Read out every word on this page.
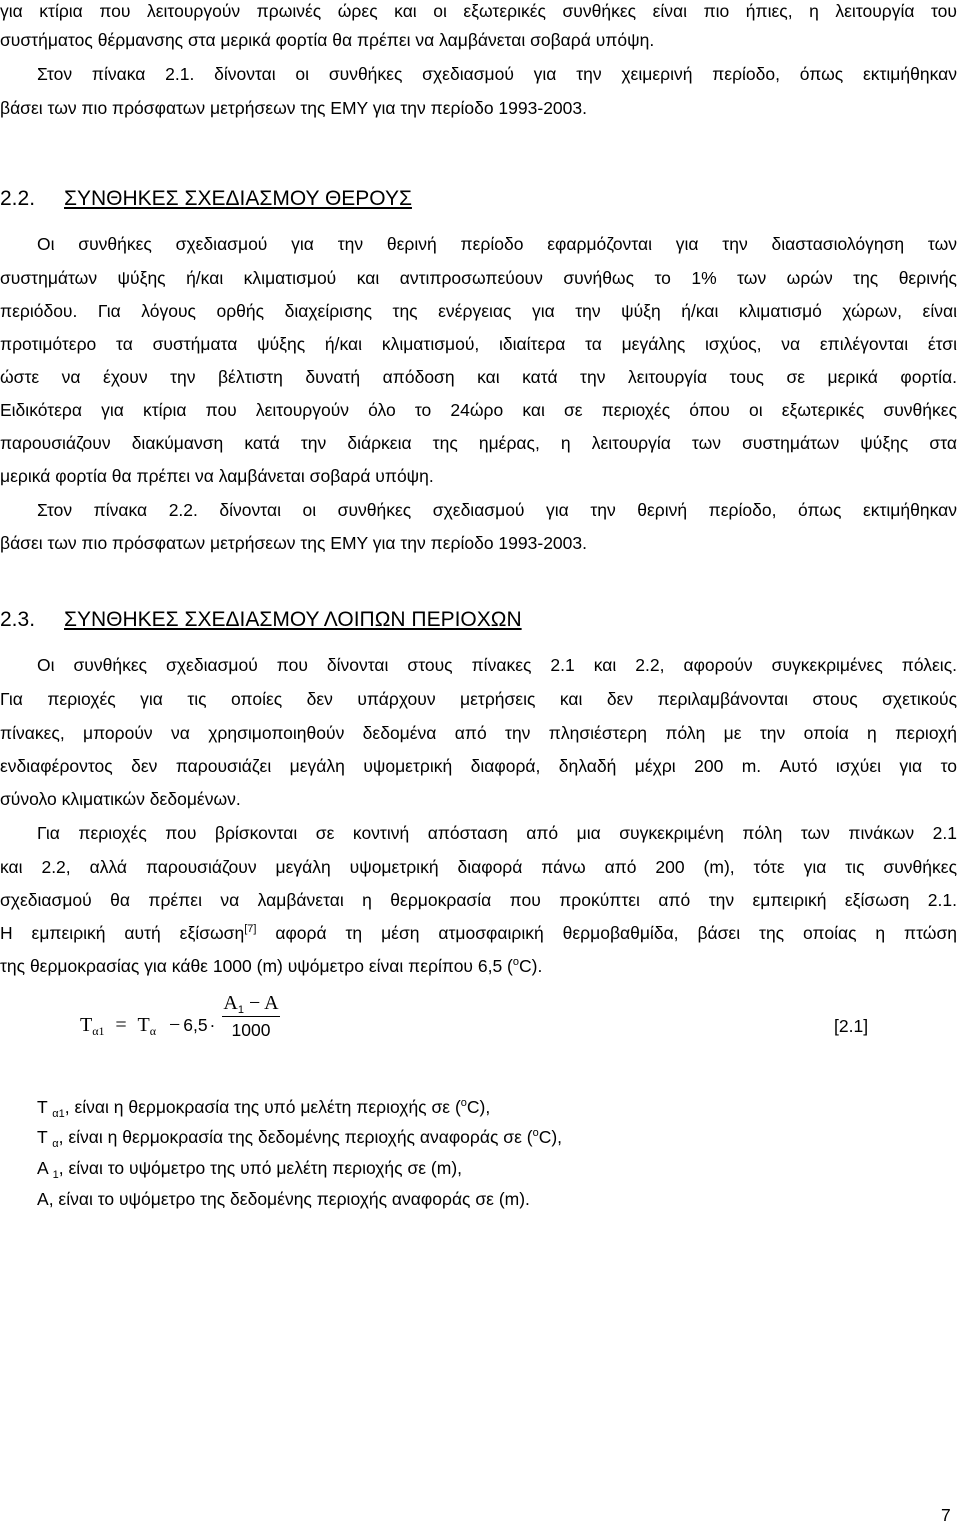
για κτίρια που λειτουργούν πρωινές ώρες και οι εξωτερικές συνθήκες είναι πιο ήπιες, η λειτουργία του
συστήματος θέρμανσης στα μερικά φορτία θα πρέπει να λαμβάνεται σοβαρά υπόψη.
Στον πίνακα 2.1. δίνονται οι συνθήκες σχεδιασμού για την χειμερινή περίοδο, όπως εκτιμήθηκαν
βάσει των πιο πρόσφατων μετρήσεων της ΕΜΥ για την περίοδο 1993-2003.
2.2. ΣΥΝΘΗΚΕΣ ΣΧΕΔΙΑΣΜΟΥ ΘΕΡΟΥΣ
Οι συνθήκες σχεδιασμού για την θερινή περίοδο εφαρμόζονται για την διαστασιολόγηση των
συστημάτων ψύξης ή/και κλιματισμού και αντιπροσωπεύουν συνήθως το 1% των ωρών της θερινής
περιόδου. Για λόγους ορθής διαχείρισης της ενέργειας για την ψύξη ή/και κλιματισμό χώρων, είναι
προτιμότερο τα συστήματα ψύξης ή/και κλιματισμού, ιδιαίτερα τα μεγάλης ισχύος, να επιλέγονται έτσι
ώστε να έχουν την βέλτιστη δυνατή απόδοση και κατά την λειτουργία τους σε μερικά φορτία.
Ειδικότερα για κτίρια που λειτουργούν όλο το 24ώρο και σε περιοχές όπου οι εξωτερικές συνθήκες
παρουσιάζουν διακύμανση κατά την διάρκεια της ημέρας, η λειτουργία των συστημάτων ψύξης στα
μερικά φορτία θα πρέπει να λαμβάνεται σοβαρά υπόψη.
Στον πίνακα 2.2. δίνονται οι συνθήκες σχεδιασμού για την θερινή περίοδο, όπως εκτιμήθηκαν
βάσει των πιο πρόσφατων μετρήσεων της ΕΜΥ για την περίοδο 1993-2003.
2.3. ΣΥΝΘΗΚΕΣ ΣΧΕΔΙΑΣΜΟΥ ΛΟΙΠΩΝ ΠΕΡΙΟΧΩΝ
Οι συνθήκες σχεδιασμού που δίνονται στους πίνακες 2.1 και 2.2, αφορούν συγκεκριμένες πόλεις.
Για περιοχές για τις οποίες δεν υπάρχουν μετρήσεις και δεν περιλαμβάνονται στους σχετικούς
πίνακες, μπορούν να χρησιμοποιηθούν δεδομένα από την πλησιέστερη πόλη με την οποία η περιοχή
ενδιαφέροντος δεν παρουσιάζει μεγάλη υψομετρική διαφορά, δηλαδή μέχρι 200 m. Αυτό ισχύει για το
σύνολο κλιματικών δεδομένων.
Για περιοχές που βρίσκονται σε κοντινή απόσταση από μια συγκεκριμένη πόλη των πινάκων 2.1
και 2.2, αλλά παρουσιάζουν μεγάλη υψομετρική διαφορά πάνω από 200 (m), τότε για τις συνθήκες
σχεδιασμού θα πρέπει να λαμβάνεται η θερμοκρασία που προκύπτει από την εμπειρική εξίσωση 2.1.
Η εμπειρική αυτή εξίσωση[7] αφορά τη μέση ατμοσφαιρική θερμοβαθμίδα, βάσει της οποίας η πτώση
της θερμοκρασίας για κάθε 1000 (m) υψόμετρο είναι περίπου 6,5 ($^o$C).
$T_{\alpha 1} = T_\alpha - 6,5$ ·
$A_1 - A$
1000	[2.1]
T $_{\alpha 1}$, είναι η θερμοκρασία της υπό μελέτη περιοχής σε ($^o$C),
T $_\alpha$, είναι η θερμοκρασία της δεδομένης περιοχής αναφοράς σε ($^o$C),
A $_1$, είναι το υψόμετρο της υπό μελέτη περιοχής σε (m),
A, είναι το υψόμετρο της δεδομένης περιοχής αναφοράς σε (m).
7
